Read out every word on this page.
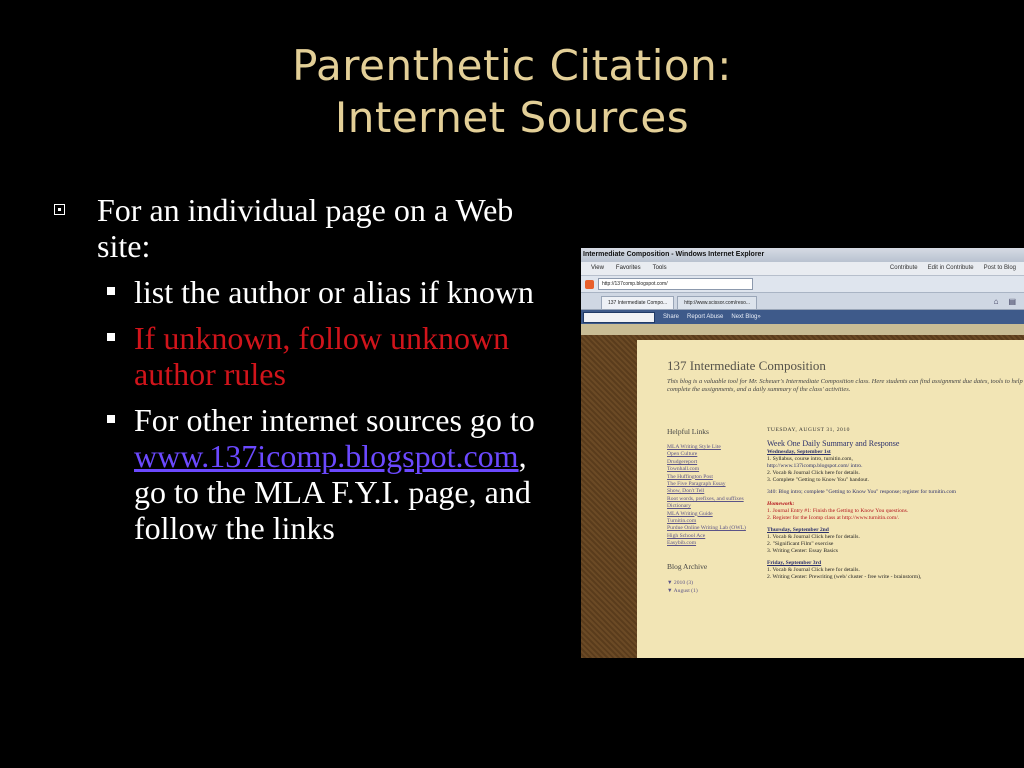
Parenthetic Citation:
Internet Sources
For an individual page on a Web site:
list the author or alias if known
If unknown, follow unknown author rules
For other internet sources go to www.137icomp.blogspot.com, go to the MLA F.Y.I. page, and follow the links
Intermediate Composition - Windows Internet Explorer
View Favorites Tools	Contribute Edit in Contribute Post to Blog
http://137comp.blogspot.com/
137 Intermediate Compo...	http://www.scissor.com/reso...	⌂ ▤
Share Report Abuse Next Blog»
137 Intermediate Composition
This blog is a valuable tool for Mr. Scheuer's Intermediate Composition class. Here students can find assignment due dates, tools to help complete the assignments, and a daily summary of the class' activities.
Helpful Links
MLA Writing Style Lite
Open Culture
Drudgereport
Townhall.com
The Huffington Post
The Five Paragraph Essay
Show, Don't Tell
Root words, prefixes, and suffixes
Dictionary
MLA Writing Guide
Turnitin.com
Purdue Online Writing Lab (OWL)
High School Ace
Easybib.com
Blog Archive
▼ 2010 (3)
▼ August (1)
TUESDAY, AUGUST 31, 2010
Week One Daily Summary and Response
Wednesday, September 1st
1. Syllabus, course intro, turnitin.com,
http://www.137icomp.blogspot.com/ intro.
2. Vocab & Journal Click here for details.
3. Complete "Getting to Know You" handout.
340: Blog intro; complete "Getting to Know You" response; register for turnitin.com
Homework:
1. Journal Entry #1: Finish the Getting to Know You questions.
2. Register for the Icomp class at http://www.turnitin.com/.
Thursday, September 2nd
1. Vocab & Journal Click here for details.
2. "Significant Film" exercise
3. Writing Center: Essay Basics
Friday, September 3rd
1. Vocab & Journal Click here for details.
2. Writing Center: Prewriting (web/ cluster - free write - brainstorm),
